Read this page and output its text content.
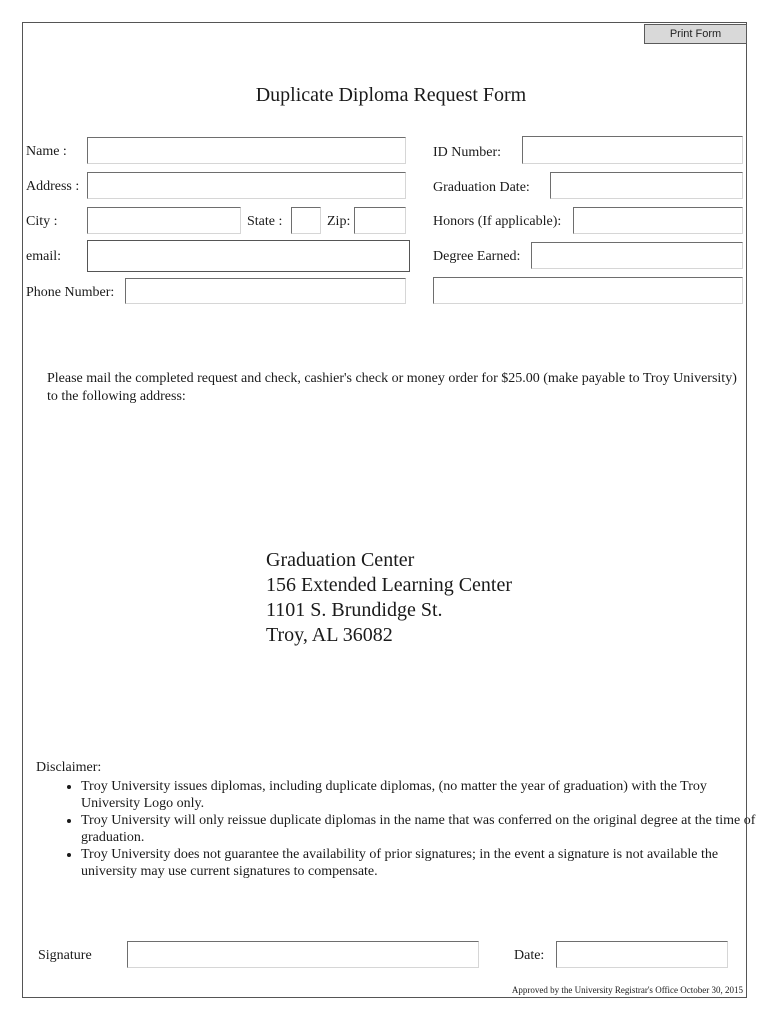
Print Form
Duplicate Diploma Request Form
Name :
Address :
City :	State :	Zip:
email:
Phone Number:
ID Number:
Graduation Date:
Honors (If applicable):
Degree Earned:
Please mail the completed request and check, cashier's check or money order for $25.00 (make payable to Troy University) to the following address:
Graduation Center
156 Extended Learning Center
1101 S. Brundidge St.
Troy, AL 36082
Disclaimer:
• Troy University issues diplomas, including duplicate diplomas, (no matter the year of graduation) with the Troy University Logo only.
• Troy University will only reissue duplicate diplomas in the name that was conferred on the original degree at the time of graduation.
• Troy University does not guarantee the availability of prior signatures; in the event a signature is not available the university may use current signatures to compensate.
Signature	Date:
Approved by the University Registrar's Office October 30, 2015
